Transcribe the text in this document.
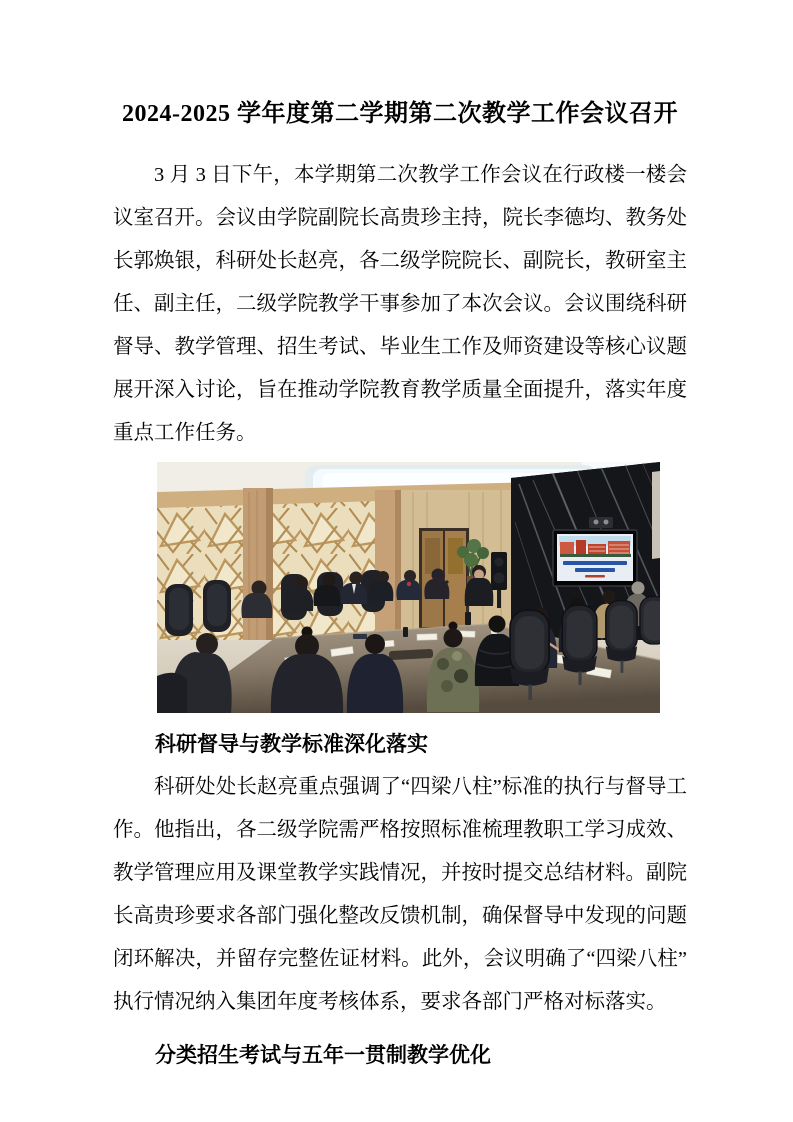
2024-2025 学年度第二学期第二次教学工作会议召开

3 月 3 日下午，本学期第二次教学工作会议在行政楼一楼会议室召开。会议由学院副院长高贵珍主持，院长李德均、教务处长郭焕银，科研处长赵亮，各二级学院院长、副院长，教研室主任、副主任，二级学院教学干事参加了本次会议。会议围绕科研督导、教学管理、招生考试、毕业生工作及师资建设等核心议题展开深入讨论，旨在推动学院教育教学质量全面提升，落实年度重点工作任务。

科研督导与教学标准深化落实

科研处处长赵亮重点强调了“四梁八柱”标准的执行与督导工作。他指出，各二级学院需严格按照标准梳理教职工学习成效、教学管理应用及课堂教学实践情况，并按时提交总结材料。副院长高贵珍要求各部门强化整改反馈机制，确保督导中发现的问题闭环解决，并留存完整佐证材料。此外，会议明确了“四梁八柱”执行情况纳入集团年度考核体系，要求各部门严格对标落实。

分类招生考试与五年一贯制教学优化
